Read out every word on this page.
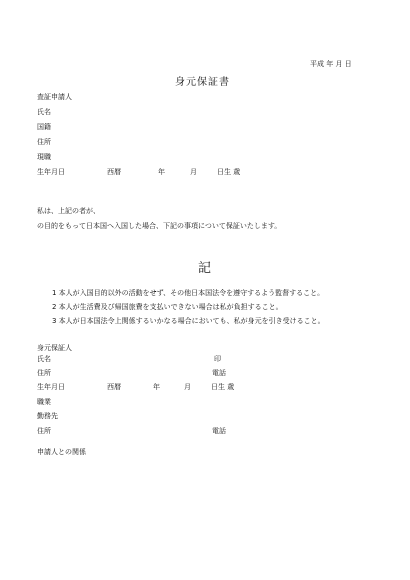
平成 年 月 日
身元保証書
査証申請人
氏名
国籍
住所
現職
生年月日	西暦	年	月	日生 歳
私は、上記の者が、
の目的をもって日本国へ入国した場合、下記の事項について保証いたします。
記
1 本人が入国目的以外の活動をせず、その他日本国法令を遵守するよう監督すること。
2 本人が生活費及び帰国旅費を支払いできない場合は私が負担すること。
3 本人が日本国法令上関係するいかなる場合においても、私が身元を引き受けること。
身元保証人
氏名	印
住所	電話
生年月日	西暦	年	月	日生 歳
職業
勤務先
住所	電話
申請人との関係
